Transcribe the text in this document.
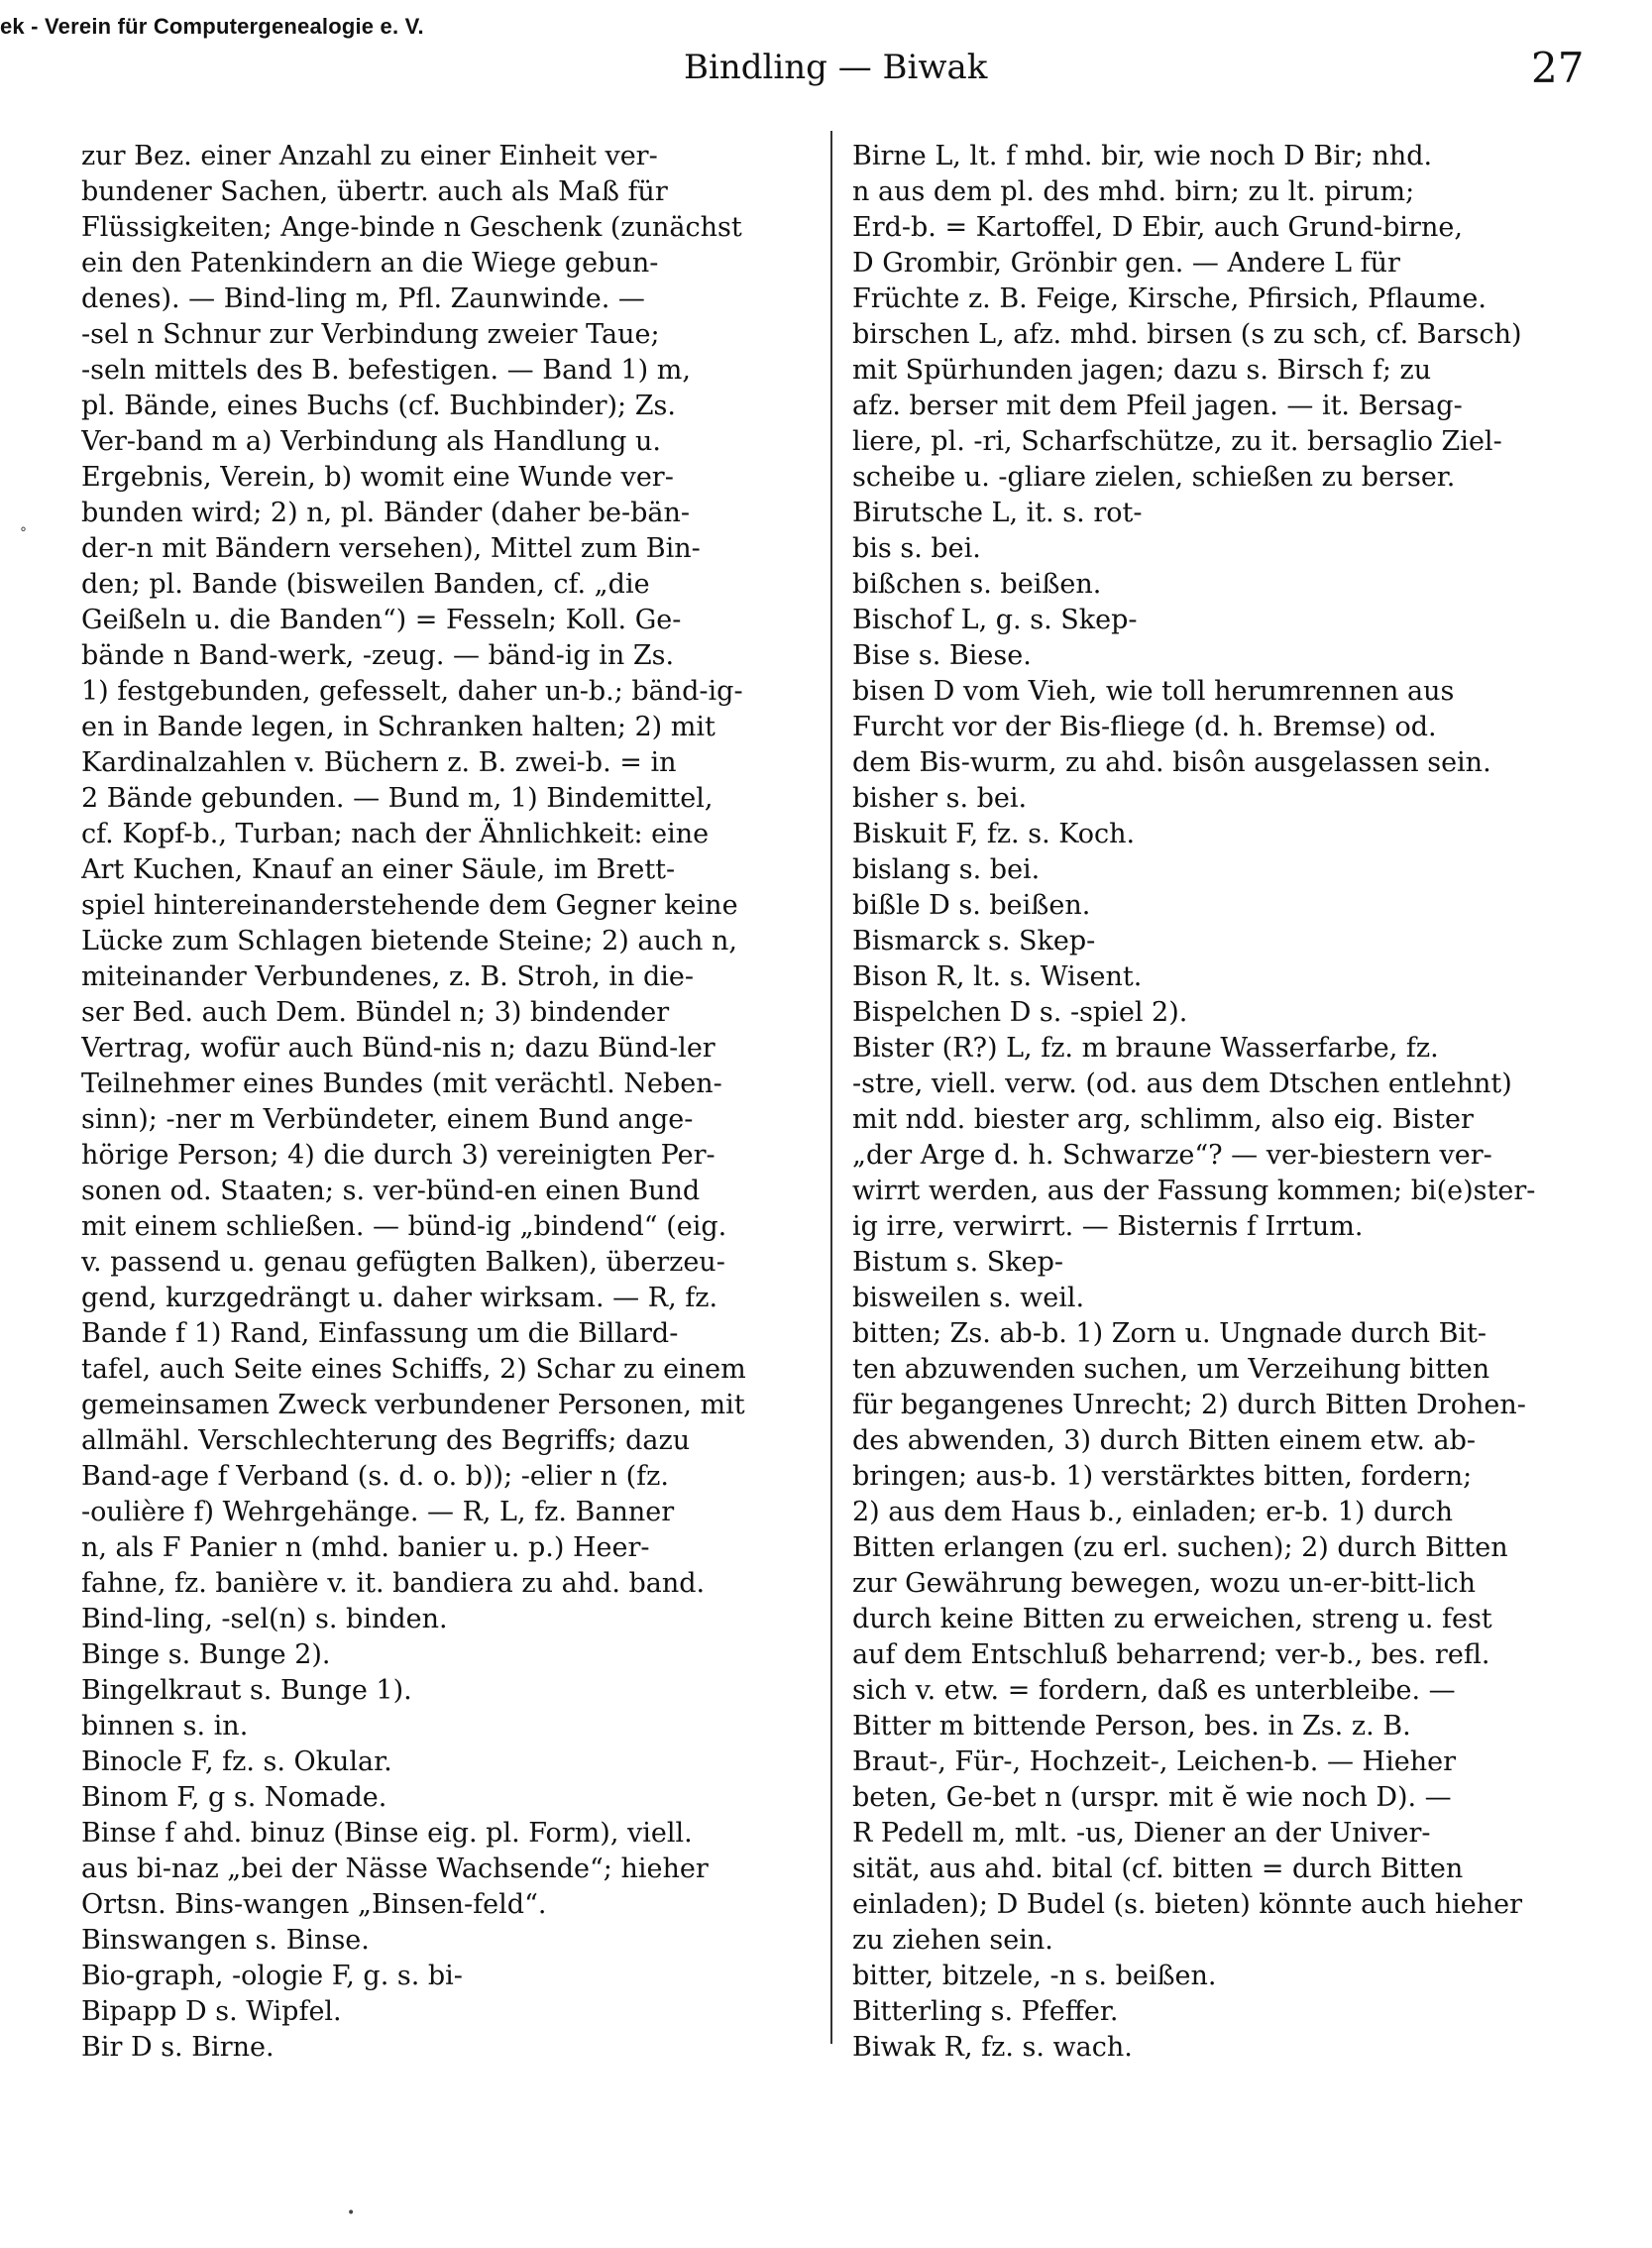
ek - Verein für Computergenealogie e. V.
Bindling — Biwak	27
zur Bez. einer Anzahl zu einer Einheit ver-
bundener Sachen, übertr. auch als Maß für
Flüssigkeiten; Ange-binde n Geschenk (zunächst
ein den Patenkindern an die Wiege gebun-
denes). — Bind-ling m, Pfl. Zaunwinde. —
-sel n Schnur zur Verbindung zweier Taue;
-seln mittels des B. befestigen. — Band 1) m,
pl. Bände, eines Buchs (cf. Buchbinder); Zs.
Ver-band m a) Verbindung als Handlung u.
Ergebnis, Verein, b) womit eine Wunde ver-
bunden wird; 2) n, pl. Bänder (daher be-bän-
der-n mit Bändern versehen), Mittel zum Bin-
den; pl. Bande (bisweilen Banden, cf. „die
Geißeln u. die Banden“) = Fesseln; Koll. Ge-
bände n Band-werk, -zeug. — bänd-ig in Zs.
1) festgebunden, gefesselt, daher un-b.; bänd-ig-
en in Bande legen, in Schranken halten; 2) mit
Kardinalzahlen v. Büchern z. B. zwei-b. = in
2 Bände gebunden. — Bund m, 1) Bindemittel,
cf. Kopf-b., Turban; nach der Ähnlichkeit: eine
Art Kuchen, Knauf an einer Säule, im Brett-
spiel hintereinanderstehende dem Gegner keine
Lücke zum Schlagen bietende Steine; 2) auch n,
miteinander Verbundenes, z. B. Stroh, in die-
ser Bed. auch Dem. Bündel n; 3) bindender
Vertrag, wofür auch Bünd-nis n; dazu Bünd-ler
Teilnehmer eines Bundes (mit verächtl. Neben-
sinn); -ner m Verbündeter, einem Bund ange-
hörige Person; 4) die durch 3) vereinigten Per-
sonen od. Staaten; s. ver-bünd-en einen Bund
mit einem schließen. — bünd-ig „bindend“ (eig.
v. passend u. genau gefügten Balken), überzeu-
gend, kurzgedrängt u. daher wirksam. — R, fz.
Bande f 1) Rand, Einfassung um die Billard-
tafel, auch Seite eines Schiffs, 2) Schar zu einem
gemeinsamen Zweck verbundener Personen, mit
allmähl. Verschlechterung des Begriffs; dazu
Band-age f Verband (s. d. o. b)); -elier n (fz.
-oulière f) Wehrgehänge. — R, L, fz. Banner
n, als F Panier n (mhd. banier u. p.) Heer-
fahne, fz. banière v. it. bandiera zu ahd. band.
Bind-ling, -sel(n) s. binden.
Binge s. Bunge 2).
Bingelkraut s. Bunge 1).
binnen s. in.
Binocle F, fz. s. Okular.
Binom F, g s. Nomade.
Binse f ahd. binuz (Binse eig. pl. Form), viell.
aus bi-naz „bei der Nässe Wachsende“; hieher
Ortsn. Bins-wangen „Binsen-feld“.
Binswangen s. Binse.
Bio-graph, -ologie F, g. s. bi-
Bipapp D s. Wipfel.
Bir D s. Birne.
Birne L, lt. f mhd. bir, wie noch D Bir; nhd.
n aus dem pl. des mhd. birn; zu lt. pirum;
Erd-b. = Kartoffel, D Ebir, auch Grund-birne,
D Grombir, Grönbir gen. — Andere L für
Früchte z. B. Feige, Kirsche, Pfirsich, Pflaume.
birschen L, afz. mhd. birsen (s zu sch, cf. Barsch)
mit Spürhunden jagen; dazu s. Birsch f; zu
afz. berser mit dem Pfeil jagen. — it. Bersag-
liere, pl. -ri, Scharfschütze, zu it. bersaglio Ziel-
scheibe u. -gliare zielen, schießen zu berser.
Birutsche L, it. s. rot-
bis s. bei.
bißchen s. beißen.
Bischof L, g. s. Skep-
Bise s. Biese.
bisen D vom Vieh, wie toll herumrennen aus
Furcht vor der Bis-fliege (d. h. Bremse) od.
dem Bis-wurm, zu ahd. bisôn ausgelassen sein.
bisher s. bei.
Biskuit F, fz. s. Koch.
bislang s. bei.
bißle D s. beißen.
Bismarck s. Skep-
Bison R, lt. s. Wisent.
Bispelchen D s. -spiel 2).
Bister (R?) L, fz. m braune Wasserfarbe, fz.
-stre, viell. verw. (od. aus dem Dtschen entlehnt)
mit ndd. biester arg, schlimm, also eig. Bister
„der Arge d. h. Schwarze“? — ver-biestern ver-
wirrt werden, aus der Fassung kommen; bi(e)ster-
ig irre, verwirrt. — Bisternis f Irrtum.
Bistum s. Skep-
bisweilen s. weil.
bitten; Zs. ab-b. 1) Zorn u. Ungnade durch Bit-
ten abzuwenden suchen, um Verzeihung bitten
für begangenes Unrecht; 2) durch Bitten Drohen-
des abwenden, 3) durch Bitten einem etw. ab-
bringen; aus-b. 1) verstärktes bitten, fordern;
2) aus dem Haus b., einladen; er-b. 1) durch
Bitten erlangen (zu erl. suchen); 2) durch Bitten
zur Gewährung bewegen, wozu un-er-bitt-lich
durch keine Bitten zu erweichen, streng u. fest
auf dem Entschluß beharrend; ver-b., bes. refl.
sich v. etw. = fordern, daß es unterbleibe. —
Bitter m bittende Person, bes. in Zs. z. B.
Braut-, Für-, Hochzeit-, Leichen-b. — Hieher
beten, Ge-bet n (urspr. mit ĕ wie noch D). —
R Pedell m, mlt. -us, Diener an der Univer-
sität, aus ahd. bital (cf. bitten = durch Bitten
einladen); D Budel (s. bieten) könnte auch hieher
zu ziehen sein.
bitter, bitzele, -n s. beißen.
Bitterling s. Pfeffer.
Biwak R, fz. s. wach.
°
•
